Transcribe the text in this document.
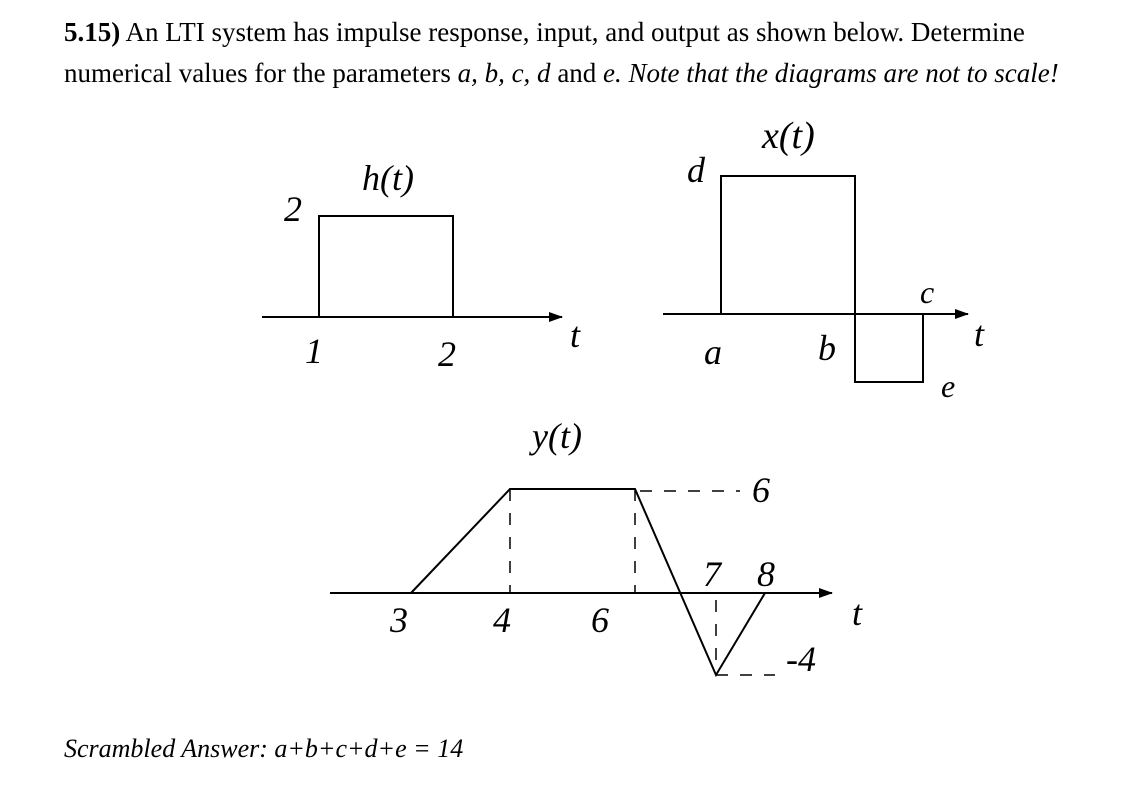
5.15) An LTI system has impulse response, input, and output as shown below. Determine
numerical values for the parameters a, b, c, d and e. Note that the diagrams are not to scale!
h(t)
2
1	2	t
x(t)
d
a	b
c
e
t
y(t)
3 4 6
6
7 8
-4
t
Scrambled Answer: a+b+c+d+e = 14
